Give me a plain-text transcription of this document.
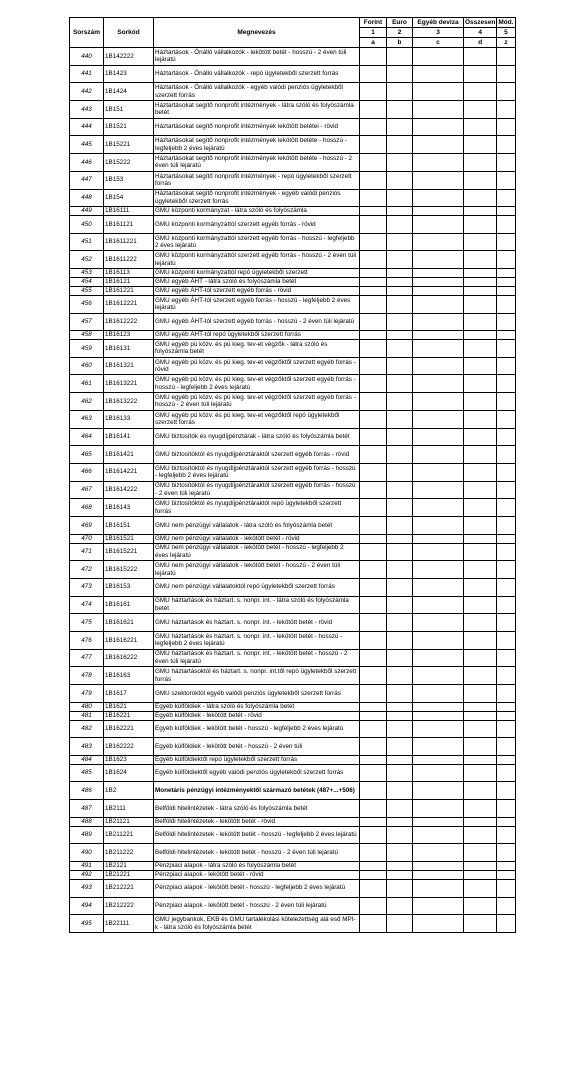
Sorszám	Sorkód	Megnevezés	Forint	Euro	Egyéb deviza	Összesen	Mód.
			1	2	3	4	5
			a	b	c	d	z
440	1B142222	Háztartások - Önálló vállalkozók - lekötött betét - hosszú - 2 éven túli lejáratú					
441	1B1423	Háztartások - Önálló vállalkozók - repó ügyletekből szerzett forrás					
442	1B1424	Háztartások - Önálló vállalkozók - egyéb valódi penziós ügyletekből szerzett forrás					
443	1B151	Háztartásokat segítő nonprofit intézmények - látra szóló és folyószámla betét					
444	1B1521	Háztartásokat segítő nonprofit intézmények lekötött betétei - rövid					
445	1B15221	Háztartásokat segítő nonprofit intézmények lekötött betéte - hosszú - legfeljebb 2 éves lejáratú					
446	1B15222	Háztartásokat segítő nonprofit intézmények lekötött betéte - hosszú - 2 éven túli lejáratú					
447	1B153	Háztartásokat segítő nonprofit intézmények - repó ügyletekből szerzett forrás					
448	1B154	Háztartásokat segítő nonprofit intézmények - egyéb valódi penziós ügyletekből szerzett forrás					
449	1B16111	GMU központi kormányzat - látra szóló és folyószámla					
450	1B161121	GMU központi kormányzattól szerzett egyéb forrás - rövid					
451	1B1611221	GMU központi kormányzattól szerzett egyéb forrás - hosszú - legfeljebb 2 éves lejáratú					
452	1B1611222	GMU központi kormányzattól szerzett egyéb forrás - hosszú - 2 éven túli lejáratú					
453	1B16113	GMU központi kormányzattól repó ügyletekből szerzett					
454	1B16121	GMU egyéb ÁHT - látra szóló és folyószámla betét					
455	1B161221	GMU egyéb ÁHT-tól szerzett egyéb forrás - rövid					
456	1B1612221	GMU egyéb ÁHT-tól szerzett egyéb forrás - hosszú - legfeljebb 2 éves lejáratú					
457	1B1612222	GMU egyéb ÁHT-tól szerzett egyéb forrás - hosszú - 2 éven túli lejáratú					
458	1B16123	GMU egyéb ÁHT-tól repó ügyletekből szerzett forrás					
459	1B16131	GMU egyéb pü közv. és pü kieg. tev-et végzők - látra szóló és folyószámla betét					
460	1B161321	GMU egyéb pü közv. és pü kieg. tev-et végzőktől szerzett egyéb forrás - rövid					
461	1B1613221	GMU egyéb pü közv. és pü kieg. tev-et végzőktől szerzett egyéb forrás - hosszú - legfeljebb 2 éves lejáratú					
462	1B1613222	GMU egyéb pü közv. és pü kieg. tev-et végzőktől szerzett egyéb forrás - hosszú - 2 éven túli lejáratú					
463	1B16133	GMU egyéb pü közv. és pü kieg. tev-et végzőktől repó ügyletekből szerzett forrás					
464	1B16141	GMU biztosítók és nyugdíjpénztárak - látra szóló és folyószámla betét					
465	1B161421	GMU biztosítóktól és nyugdíjpénztáraktól szerzett egyéb forrás - rövid					
466	1B1614221	GMU biztosítóktól és nyugdíjpénztáraktól szerzett egyéb forrás - hosszú - legfeljebb 2 éves lejáratú					
467	1B1614222	GMU biztosítóktól és nyugdíjpénztáraktól szerzett egyéb forrás - hosszú - 2 éven túli lejáratú					
468	1B16143	GMU biztosítóktól és nyugdíjpénztáraktól repó ügyletekből szerzett forrás					
469	1B16151	GMU nem pénzügyi vállalatok - látra szóló és folyószámla betét					
470	1B161521	GMU nem pénzügyi vállalatok - lekötött betét - rövid					
471	1B1615221	GMU nem pénzügyi vállalatok - lekötött betét - hosszú - legfeljebb 2 éves lejáratú					
472	1B1615222	GMU nem pénzügyi vállalatok - lekötött betét - hosszú - 2 éven túli lejáratú					
473	1B16153	GMU nem pénzügyi vállalatoktól repó ügyletekből szerzett forrás					
474	1B16161	GMU háztartások és háztart. s. nonpr. int. - látra szóló és folyószámla betét					
475	1B161621	GMU háztartások és háztart. s. nonpr. int. - lekötött betét - rövid					
476	1B1616221	GMU háztartások és háztart. s. nonpr. int. - lekötött betét - hosszú - legfeljebb 2 éves lejáratú					
477	1B1616222	GMU háztartások és háztart. s. nonpr. int. - lekötött betét - hosszú - 2 éven túli lejáratú					
478	1B16163	GMU háztartásoktól és háztart. s. nonpr. int.től repó ügyletekből szerzett forrás					
479	1B1617	GMU szektoroktól egyéb valódi penziós ügyletekből szerzett forrás					
480	1B1621	Egyéb külföldiek - látra szóló és folyószámla betét					
481	1B16221	Egyéb külföldiek - lekötött betét - rövid					
482	1B162221	Egyéb külföldiek - lekötött betét - hosszú - legfeljebb 2 éves lejáratú					
483	1B162222	Egyéb külföldiek - lekötött betét - hosszú - 2 éven túli					
484	1B1623	Egyéb külföldiektől repó ügyletekből szerzett forrás					
485	1B1624	Egyéb külföldiektől egyéb valódi penziós ügyletekből szerzett forrás					
486	1B2	Monetáris pénzügyi intézményektől származó betétek (487+...+506)					
487	1B2111	Belföldi hitelintézetek - látra szóló és folyószámla betét					
488	1B21121	Belföldi hitelintézetek - lekötött betét - rövid					
489	1B211221	Belföldi hitelintézetek - lekötött betét - hosszú - legfeljebb 2 éves lejáratú					
490	1B211222	Belföldi hitelintézetek - lekötött betét - hosszú - 2 éven túli lejáratú					
491	1B2121	Pénzpiaci alapok - látra szóló és folyószámla betét					
492	1B21221	Pénzpiaci alapok - lekötött betét - rövid					
493	1B212221	Pénzpiaci alapok - lekötött betét - hosszú - legfeljebb 2 éves lejáratú					
494	1B212222	Pénzpiaci alapok - lekötött betét - hosszú - 2 éven túli lejáratú					
495	1B22111	GMU jegybankok, EKB és GMU tartalékolási kötelezettség alá eső MPI-k - látra szóló és folyószámla betét					
